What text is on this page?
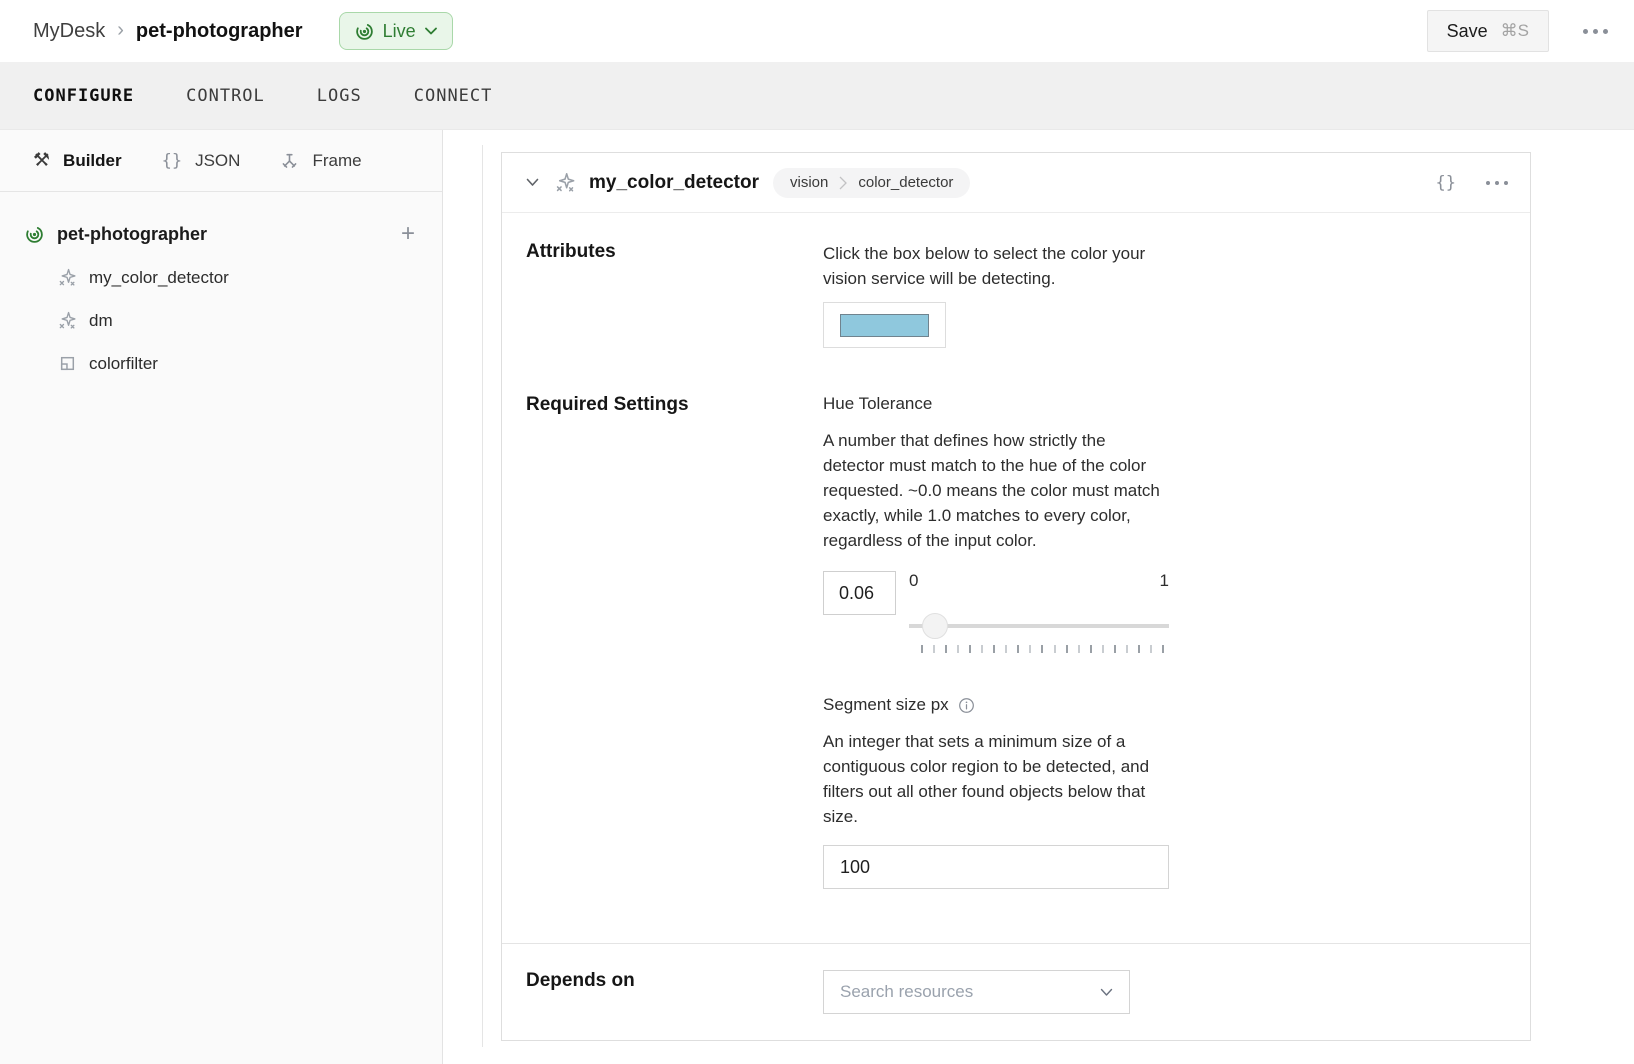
MyDesk › pet-photographer	Live	Save ⌘S
CONFIGURE	CONTROL	LOGS	CONNECT
⚒ Builder {} JSON	Frame
pet-photographer	+
my_color_detector
dm
colorfilter
my_color_detector vision color_detector	{}
Attributes	Click the box below to select the color your vision service will be detecting.
Required Settings	Hue Tolerance
A number that defines how strictly the detector must match to the hue of the color requested. ~0.0 means the color must match exactly, while 1.0 matches to every color, regardless of the input color.
0.06
0	1
Segment size px
An integer that sets a minimum size of a contiguous color region to be detected, and filters out all other found objects below that size.
100
Depends on
Search resources
